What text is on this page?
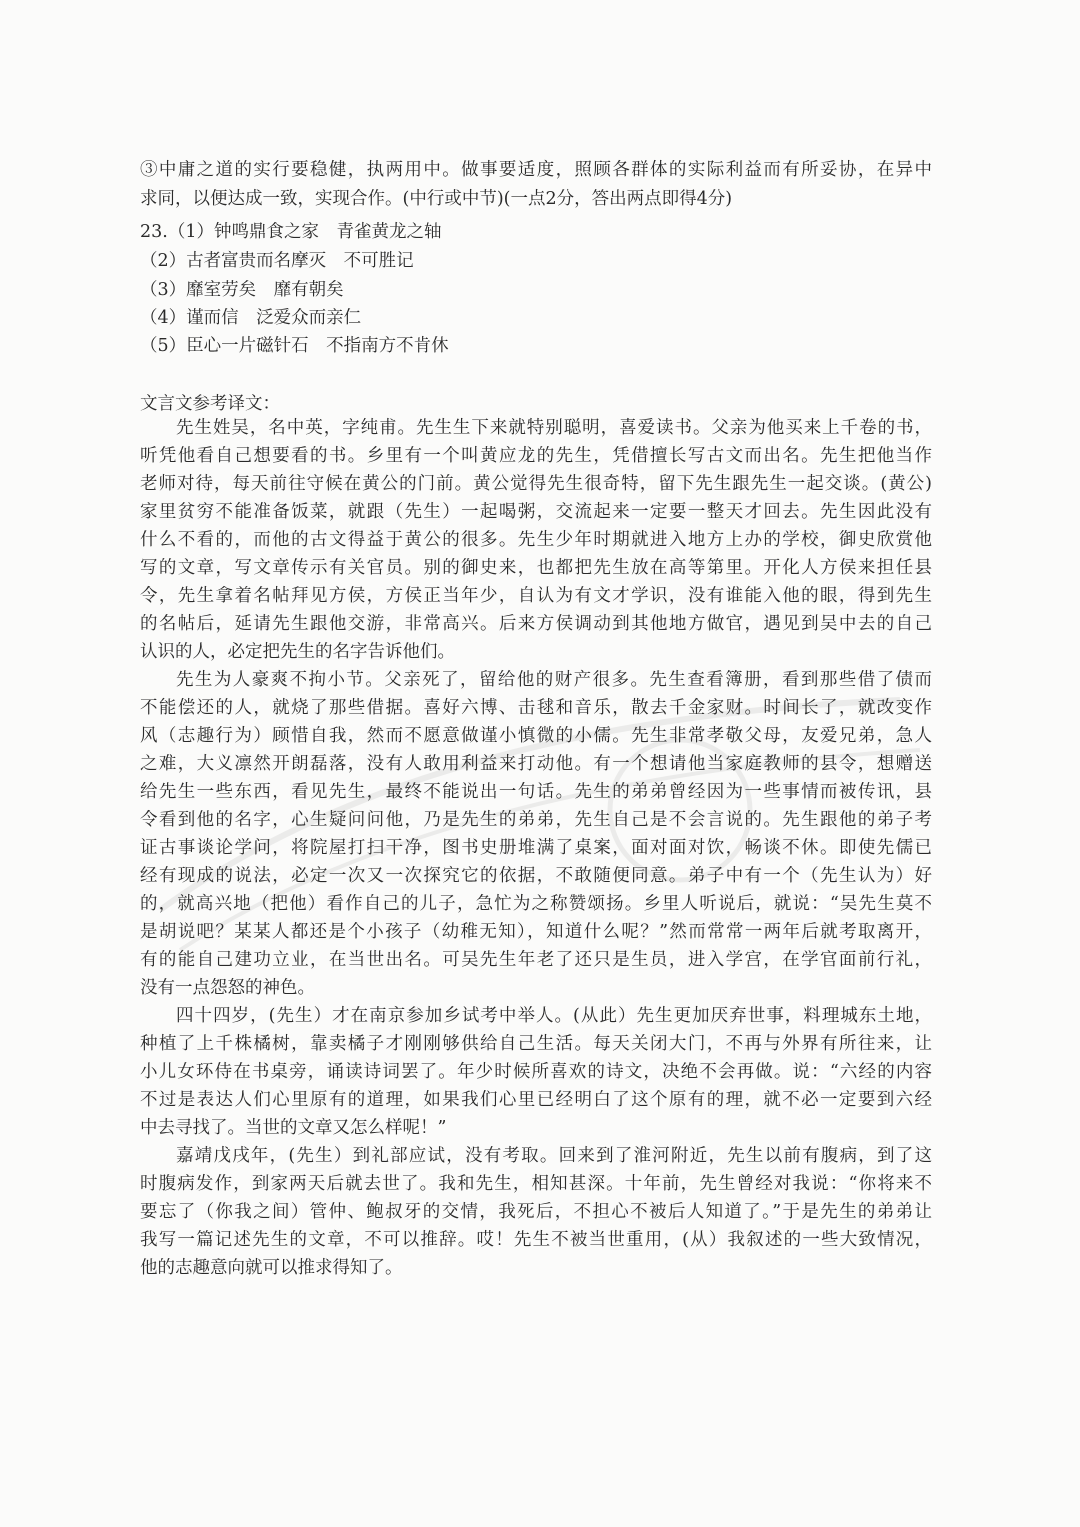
③中庸之道的实行要稳健，执两用中。做事要适度，照顾各群体的实际利益而有所妥协，在异中
求同，以便达成一致，实现合作。(中行或中节)(一点2分，答出两点即得4分)
23.（1）钟鸣鼎食之家　青雀黄龙之轴
（2）古者富贵而名摩灭　不可胜记
（3）靡室劳矣　靡有朝矣
（4）谨而信　泛爱众而亲仁
（5）臣心一片磁针石　不指南方不肯休
文言文参考译文：
先生姓吴，名中英，字纯甫。先生生下来就特别聪明，喜爱读书。父亲为他买来上千卷的书，
听凭他看自己想要看的书。乡里有一个叫黄应龙的先生，凭借擅长写古文而出名。先生把他当作
老师对待，每天前往守候在黄公的门前。黄公觉得先生很奇特，留下先生跟先生一起交谈。(黄公)
家里贫穷不能准备饭菜，就跟（先生）一起喝粥，交流起来一定要一整天才回去。先生因此没有
什么不看的，而他的古文得益于黄公的很多。先生少年时期就进入地方上办的学校，御史欣赏他
写的文章，写文章传示有关官员。别的御史来，也都把先生放在高等第里。开化人方侯来担任县
令，先生拿着名帖拜见方侯，方侯正当年少，自认为有文才学识，没有谁能入他的眼，得到先生
的名帖后，延请先生跟他交游，非常高兴。后来方侯调动到其他地方做官，遇见到吴中去的自己
认识的人，必定把先生的名字告诉他们。
先生为人豪爽不拘小节。父亲死了，留给他的财产很多。先生查看簿册，看到那些借了债而
不能偿还的人，就烧了那些借据。喜好六博、击毬和音乐，散去千金家财。时间长了，就改变作
风（志趣行为）顾惜自我，然而不愿意做谨小慎微的小儒。先生非常孝敬父母，友爱兄弟，急人
之难，大义凛然开朗磊落，没有人敢用利益来打动他。有一个想请他当家庭教师的县令，想赠送
给先生一些东西，看见先生，最终不能说出一句话。先生的弟弟曾经因为一些事情而被传讯，县
令看到他的名字，心生疑问问他，乃是先生的弟弟，先生自己是不会言说的。先生跟他的弟子考
证古事谈论学问，将院屋打扫干净，图书史册堆满了桌案，面对面对饮，畅谈不休。即使先儒已
经有现成的说法，必定一次又一次探究它的依据，不敢随便同意。弟子中有一个（先生认为）好
的，就高兴地（把他）看作自己的儿子，急忙为之称赞颂扬。乡里人听说后，就说：“吴先生莫不
是胡说吧？某某人都还是个小孩子（幼稚无知），知道什么呢？”然而常常一两年后就考取离开，
有的能自己建功立业，在当世出名。可吴先生年老了还只是生员，进入学宫，在学官面前行礼，
没有一点怨怒的神色。
四十四岁，(先生）才在南京参加乡试考中举人。(从此）先生更加厌弃世事，料理城东土地，
种植了上千株橘树，靠卖橘子才刚刚够供给自己生活。每天关闭大门，不再与外界有所往来，让
小儿女环侍在书桌旁，诵读诗词罢了。年少时候所喜欢的诗文，决绝不会再做。说：“六经的内容
不过是表达人们心里原有的道理，如果我们心里已经明白了这个原有的理，就不必一定要到六经
中去寻找了。当世的文章又怎么样呢！”
嘉靖戊戌年，(先生）到礼部应试，没有考取。回来到了淮河附近，先生以前有腹病，到了这
时腹病发作，到家两天后就去世了。我和先生，相知甚深。十年前，先生曾经对我说：“你将来不
要忘了（你我之间）管仲、鲍叔牙的交情，我死后，不担心不被后人知道了。”于是先生的弟弟让
我写一篇记述先生的文章，不可以推辞。哎！先生不被当世重用，(从）我叙述的一些大致情况，
他的志趣意向就可以推求得知了。
